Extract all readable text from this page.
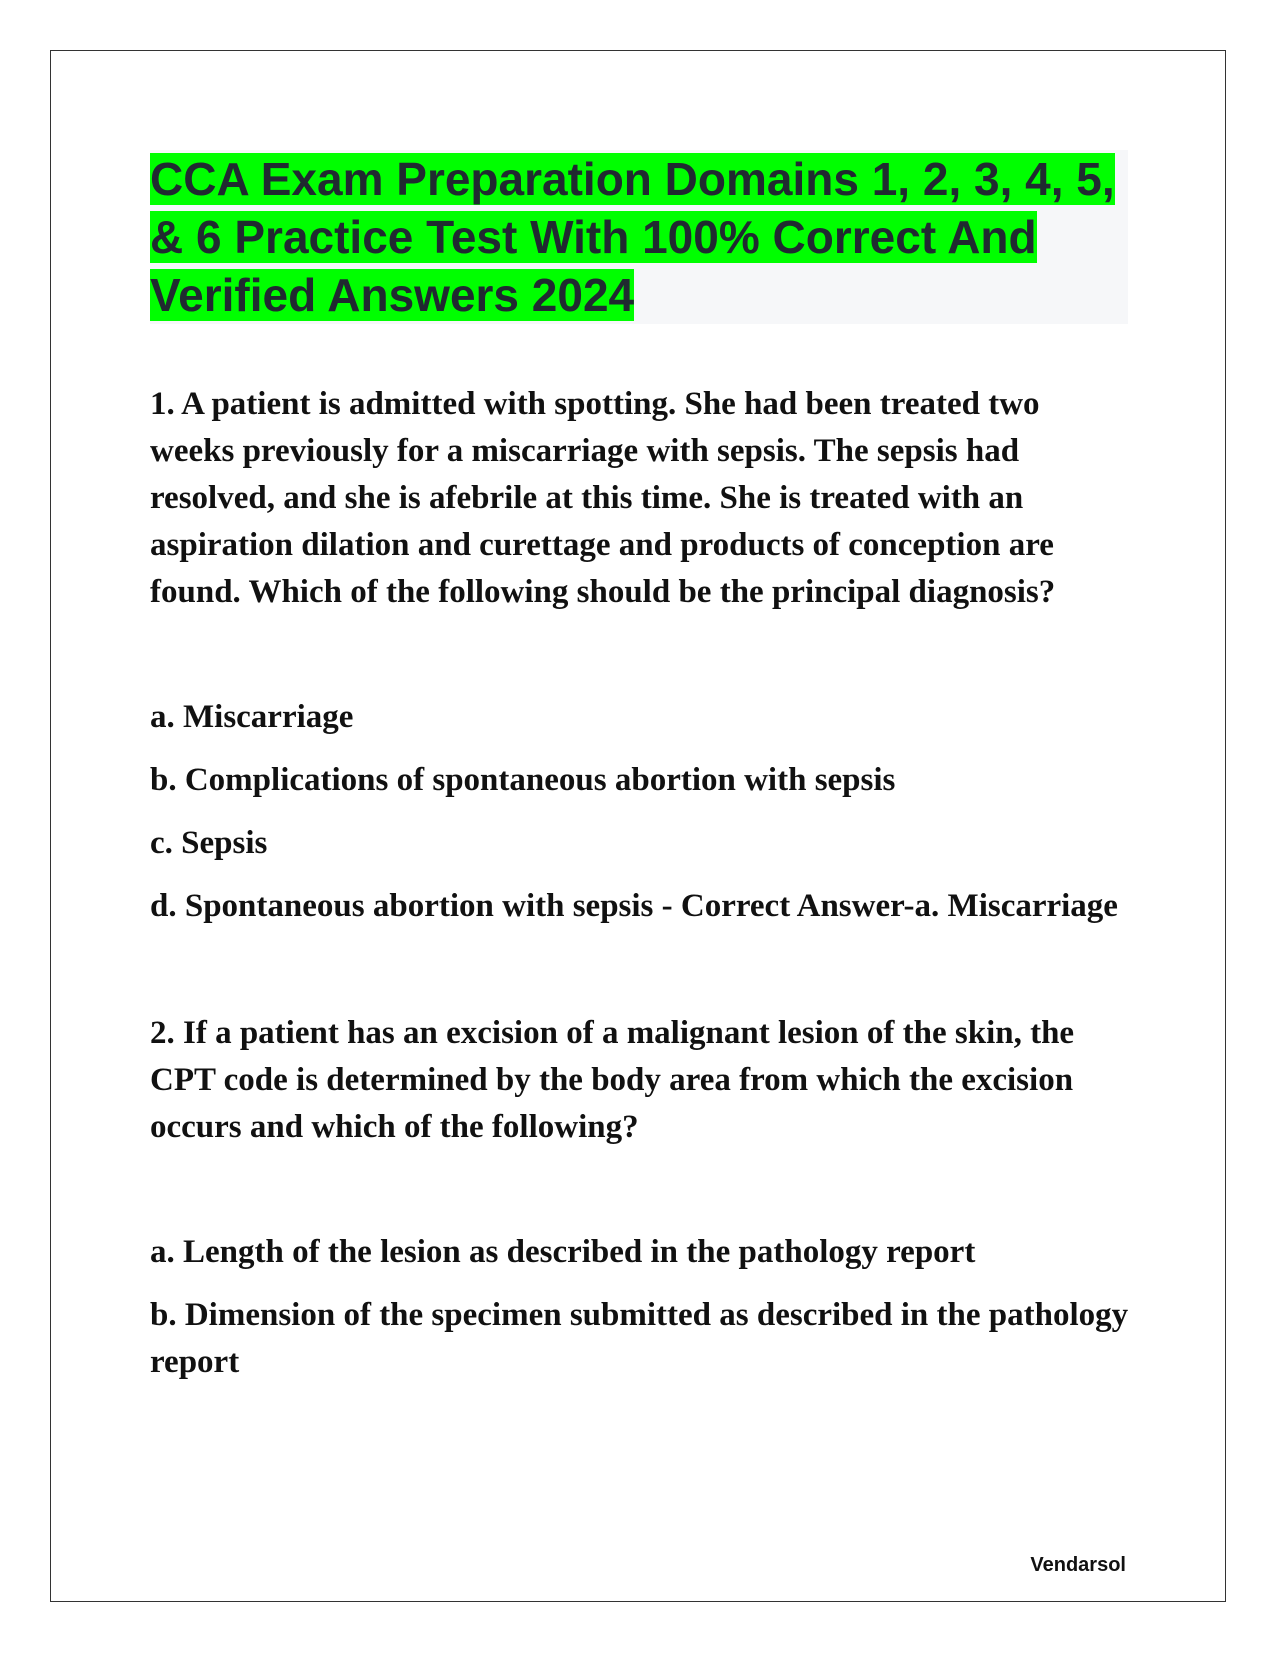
CCA Exam Preparation Domains 1, 2, 3, 4, 5, & 6 Practice Test With 100% Correct And Verified Answers 2024

1. A patient is admitted with spotting. She had been treated two weeks previously for a miscarriage with sepsis. The sepsis had resolved, and she is afebrile at this time. She is treated with an aspiration dilation and curettage and products of conception are found. Which of the following should be the principal diagnosis?

a. Miscarriage

b. Complications of spontaneous abortion with sepsis

c. Sepsis

d. Spontaneous abortion with sepsis - Correct Answer-a. Miscarriage

2. If a patient has an excision of a malignant lesion of the skin, the CPT code is determined by the body area from which the excision occurs and which of the following?

a. Length of the lesion as described in the pathology report

b. Dimension of the specimen submitted as described in the pathology report

Vendarsol
